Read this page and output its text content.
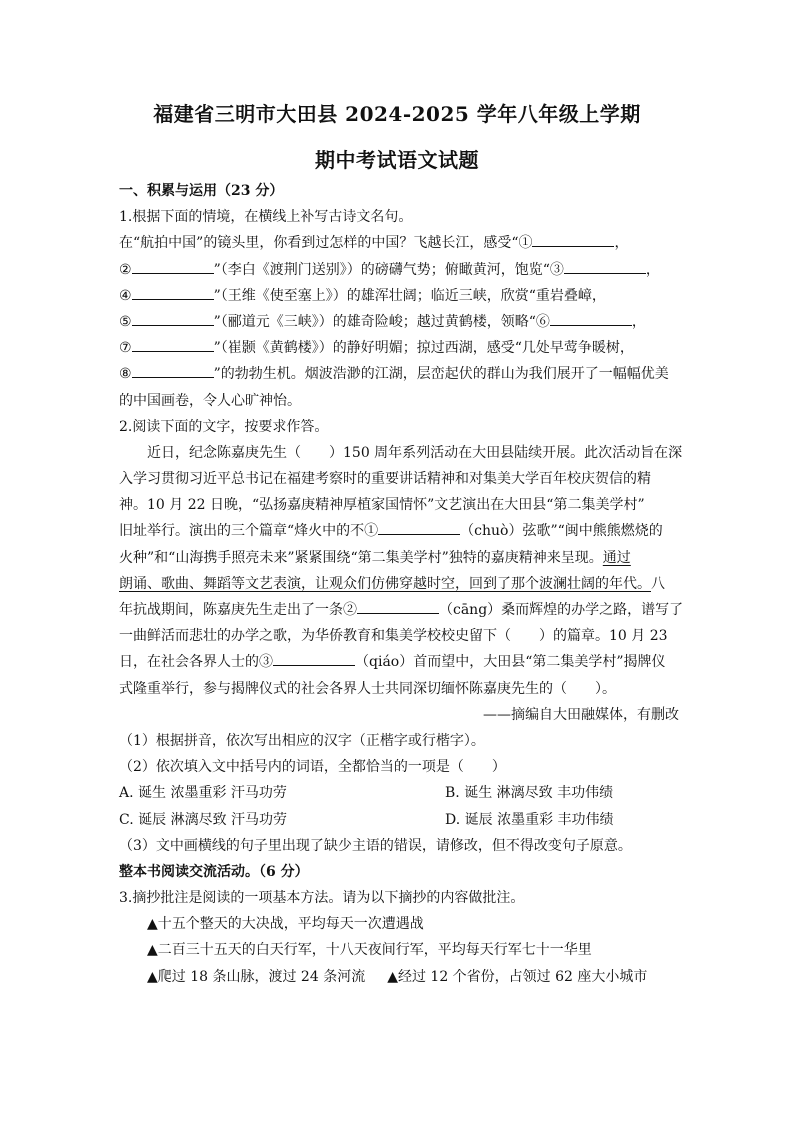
福建省三明市大田县 2024-2025 学年八年级上学期
期中考试语文试题
一、积累与运用（23 分）
1.根据下面的情境，在横线上补写古诗文名句。
在“航拍中国”的镜头里，你看到过怎样的中国？飞越长江，感受“①	，
②	”（李白《渡荆门送别》）的磅礴气势；俯瞰黄河，饱览“③	，
④	”（王维《使至塞上》）的雄浑壮阔；临近三峡，欣赏“重岩叠嶂，
⑤	”（郦道元《三峡》）的雄奇险峻；越过黄鹤楼，领略“⑥	，
⑦	”（崔颢《黄鹤楼》）的静好明媚；掠过西湖，感受“几处早莺争暖树，
⑧	”的勃勃生机。烟波浩渺的江湖，层峦起伏的群山为我们展开了一幅幅优美
的中国画卷，令人心旷神怡。
2.阅读下面的文字，按要求作答。
近日，纪念陈嘉庚先生（　　）150 周年系列活动在大田县陆续开展。此次活动旨在深
入学习贯彻习近平总书记在福建考察时的重要讲话精神和对集美大学百年校庆贺信的精
神。10 月 22 日晚，“弘扬嘉庚精神厚植家国情怀”文艺演出在大田县“第二集美学村”
旧址举行。演出的三个篇章“烽火中的不①	（chuò）弦歌”“闽中熊熊燃烧的
火种”和“山海携手照亮未来”紧紧围绕“第二集美学村”独特的嘉庚精神来呈现。通过
朗诵、歌曲、舞蹈等文艺表演，让观众们仿佛穿越时空，回到了那个波澜壮阔的年代。八
年抗战期间，陈嘉庚先生走出了一条②	（cāng）桑而辉煌的办学之路，谱写了
一曲鲜活而悲壮的办学之歌，为华侨教育和集美学校校史留下（　　）的篇章。10 月 23
日，在社会各界人士的③	（qiáo）首而望中，大田县“第二集美学村”揭牌仪
式隆重举行，参与揭牌仪式的社会各界人士共同深切缅怀陈嘉庚先生的（　　）。
——摘编自大田融媒体，有删改
（1）根据拼音，依次写出相应的汉字（正楷字或行楷字）。
（2）依次填入文中括号内的词语，全都恰当的一项是（　　）
A. 诞生 浓墨重彩 汗马功劳	B. 诞生 淋漓尽致 丰功伟绩
C. 诞辰 淋漓尽致 汗马功劳	D. 诞辰 浓墨重彩 丰功伟绩
（3）文中画横线的句子里出现了缺少主语的错误，请修改，但不得改变句子原意。
整本书阅读交流活动。（6 分）
3.摘抄批注是阅读的一项基本方法。请为以下摘抄的内容做批注。
▲十五个整天的大决战，平均每天一次遭遇战
▲二百三十五天的白天行军，十八天夜间行军，平均每天行军七十一华里
▲爬过 18 条山脉，渡过 24 条河流 ▲经过 12 个省份，占领过 62 座大小城市
